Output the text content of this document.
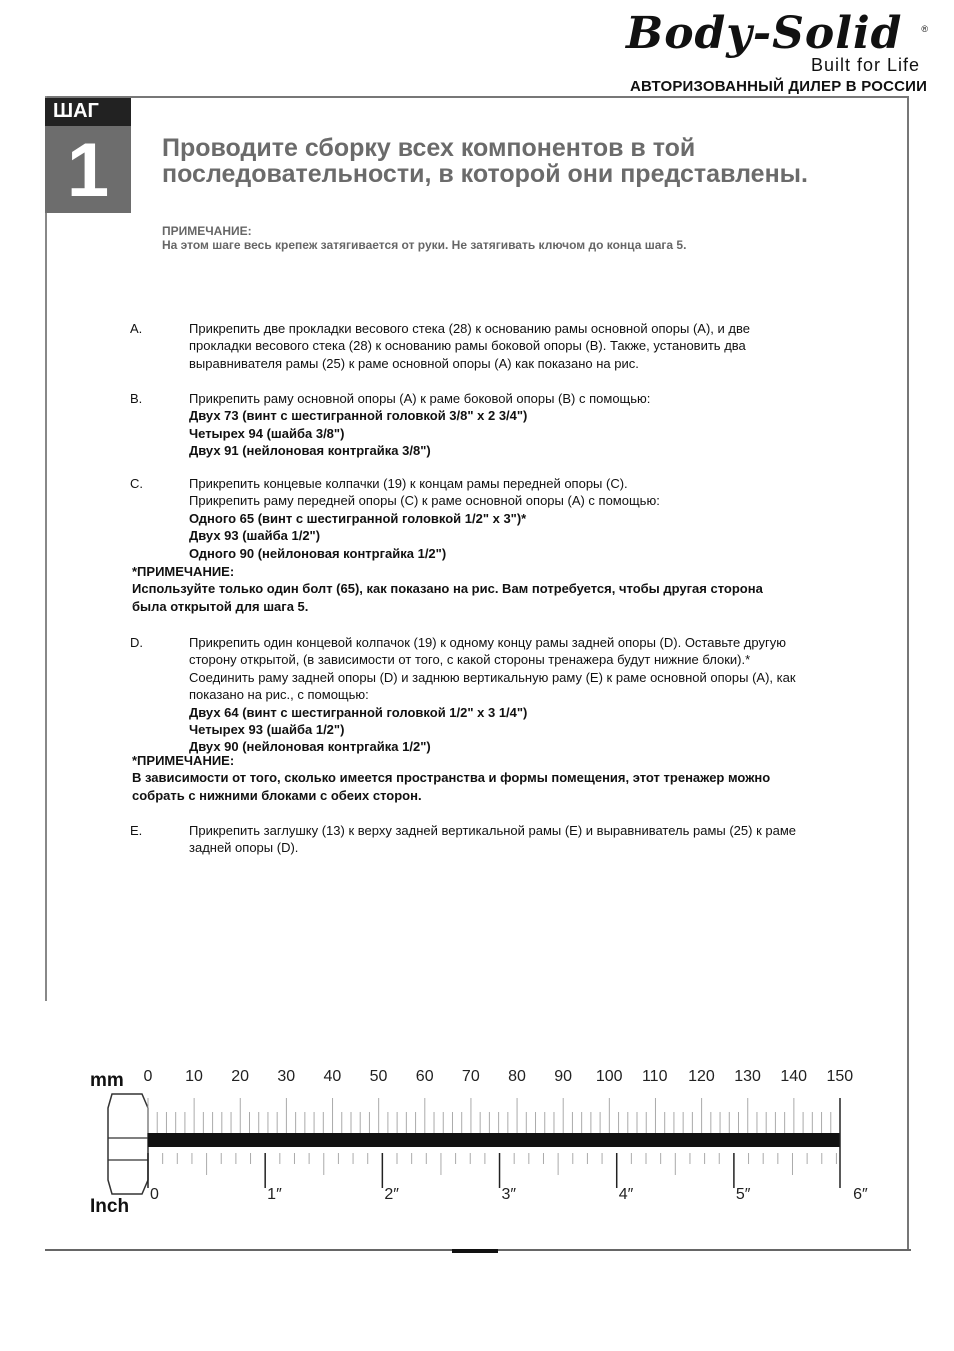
Body-Solid ®
Built for Life
АВТОРИЗОВАННЫЙ ДИЛЕР В РОССИИ
ШАГ
1	Проводите сборку всех компонентов в той
последовательности, в которой они представлены.
ПРИМЕЧАНИЕ:
На этом шаге весь крепеж затягивается от руки. Не затягивать ключом до конца шага 5.
A.	Прикрепить две прокладки весового стека (28) к основанию рамы основной опоры (A), и две
прокладки весового стека (28) к основанию рамы боковой опоры (B). Также, установить два
выравнивателя рамы (25) к раме основной опоры (A) как показано на рис.
B.	Прикрепить раму основной опоры (A) к раме боковой опоры (B) с помощью:
Двух 73 (винт с шестигранной головкой 3/8" х 2 3/4")
Четырех 94 (шайба 3/8")
Двух 91 (нейлоновая контргайка 3/8")
C.	Прикрепить концевые колпачки (19) к концам рамы передней опоры (C).
Прикрепить раму передней опоры (C) к раме основной опоры (A) с помощью:
Одного 65 (винт с шестигранной головкой 1/2" x 3")*
Двух 93 (шайба 1/2")
Одного 90 (нейлоновая контргайка 1/2")
*ПРИМЕЧАНИЕ:
Используйте только один болт (65), как показано на рис. Вам потребуется, чтобы другая сторона
была открытой для шага 5.
D.	Прикрепить один концевой колпачок (19) к одному концу рамы задней опоры (D). Оставьте другую
сторону открытой, (в зависимости от того, с какой стороны тренажера будут нижние блоки).*
Соединить раму задней опоры (D) и заднюю вертикальную раму (E) к раме основной опоры (A), как
показано на рис., с помощью:
Двух 64 (винт с шестигранной головкой 1/2" x 3 1/4")
Четырех 93 (шайба 1/2")
Двух 90 (нейлоновая контргайка 1/2")
*ПРИМЕЧАНИЕ:
В зависимости от того, сколько имеется пространства и формы помещения, этот тренажер можно
собрать с нижними блоками с обеих сторон.
E.	Прикрепить заглушку (13) к верху задней вертикальной рамы (E) и выравниватель рамы (25) к раме
задней опоры (D).
mm
Inch
0 10 20 30 40 50 60 70 80 90 100 110 120 130 140 150
0	1″	2″	3″	4″	5″	6″
